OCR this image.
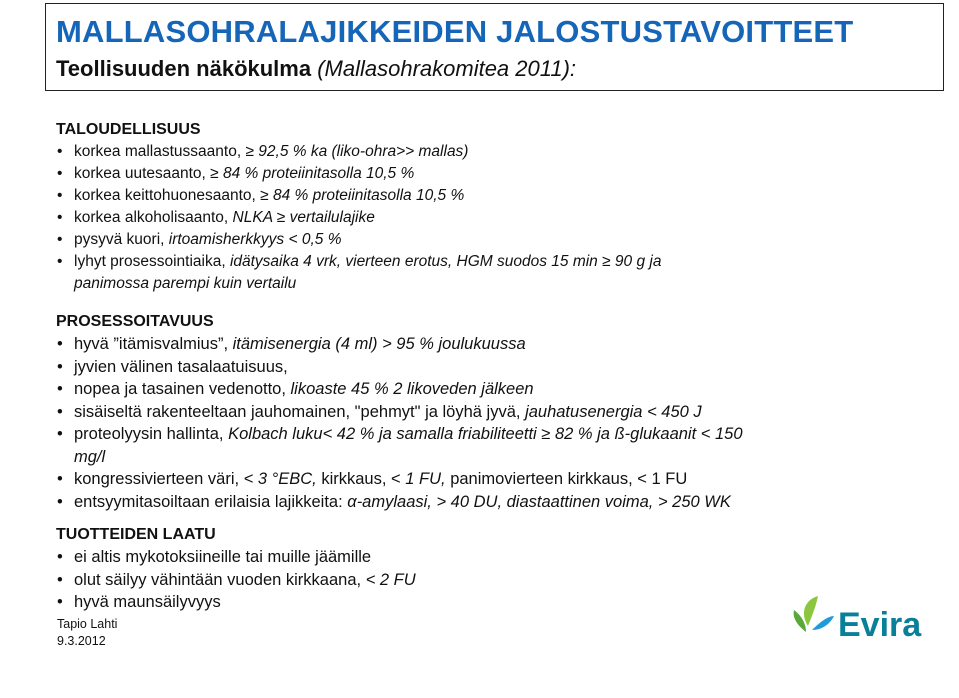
MALLASOHRALAJIKKEIDEN JALOSTUSTAVOITTEET
Teollisuuden näkökulma (Mallasohrakomitea 2011):
TALOUDELLISUUS
• korkea mallastussaanto, ≥ 92,5 % ka (liko-ohra>> mallas)
• korkea uutesaanto, ≥ 84 % proteiinitasolla 10,5 %
• korkea keittohuonesaanto, ≥ 84 % proteiinitasolla 10,5 %
• korkea alkoholisaanto, NLKA ≥ vertailulajike
• pysyvä kuori, irtoamisherkkyys < 0,5 %
• lyhyt prosessointiaika, idätysaika 4 vrk, vierteen erotus, HGM suodos 15 min ≥ 90 g ja
panimossa parempi kuin vertailu
PROSESSOITAVUUS
• hyvä ”itämisvalmius”, itämisenergia (4 ml) > 95 % joulukuussa
• jyvien välinen tasalaatuisuus,
• nopea ja tasainen vedenotto, likoaste 45 % 2 likoveden jälkeen
• sisäiseltä rakenteeltaan jauhomainen, "pehmyt" ja löyhä jyvä, jauhatusenergia < 450 J
• proteolyysin hallinta, Kolbach luku< 42 % ja samalla friabiliteetti ≥ 82 % ja ß-glukaanit < 150
mg/l
• kongressivierteen väri, < 3 °EBC, kirkkaus, < 1 FU, panimovierteen kirkkaus, < 1 FU
• entsyymitasoiltaan erilaisia lajikkeita: α-amylaasi, > 40 DU, diastaattinen voima, > 250 WK
TUOTTEIDEN LAATU
• ei altis mykotoksiineille tai muille jäämille
• olut säilyy vähintään vuoden kirkkaana, < 2 FU
• hyvä maunsäilyvyys
Tapio Lahti
9.3.2012	Evira
